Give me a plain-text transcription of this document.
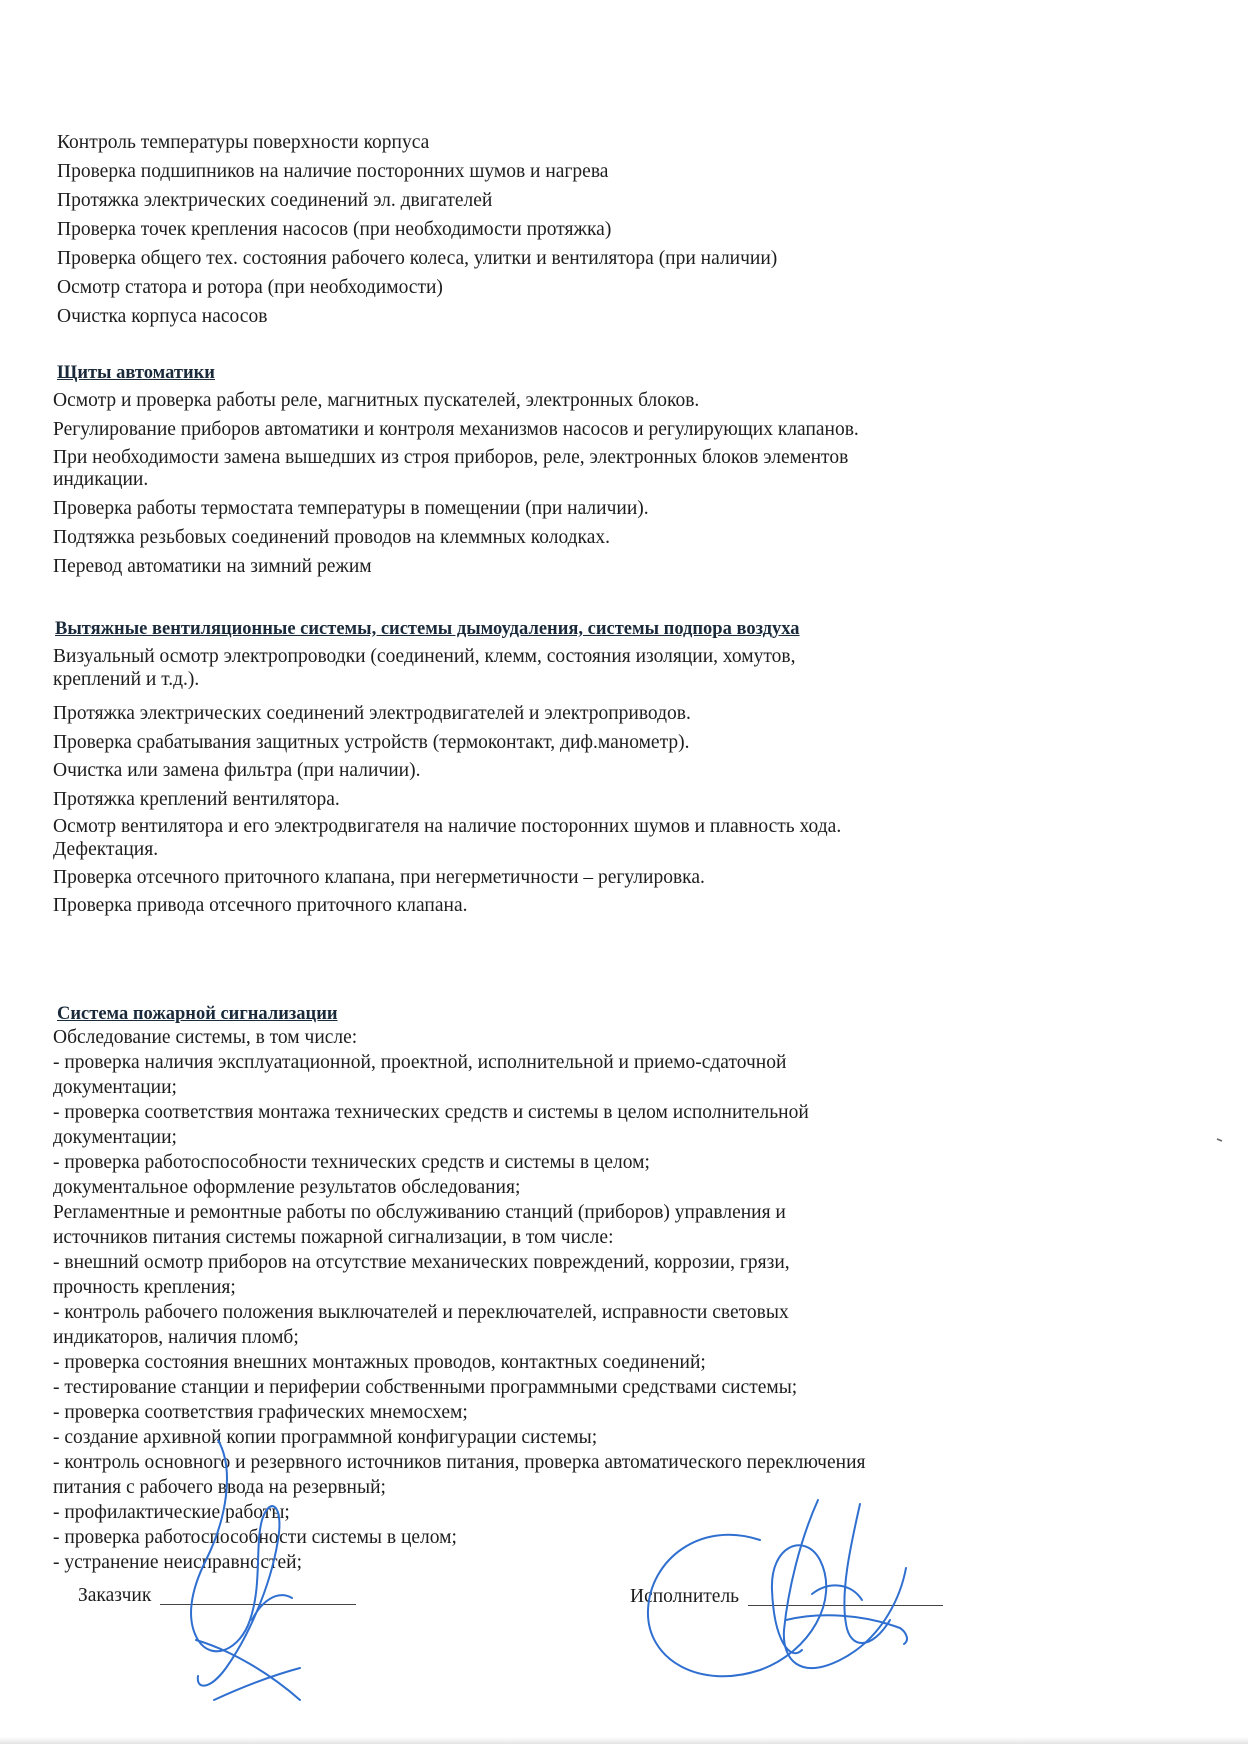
Контроль температуры поверхности корпуса

Проверка подшипников на наличие посторонних шумов и нагрева

Протяжка электрических соединений эл. двигателей

Проверка точек крепления насосов (при необходимости протяжка)

Проверка общего тех. состояния рабочего колеса, улитки и вентилятора (при наличии)

Осмотр статора и ротора (при необходимости)

Очистка корпуса насосов

Щиты автоматики

Осмотр и проверка работы реле, магнитных пускателей, электронных блоков.

Регулирование приборов автоматики и контроля механизмов насосов и регулирующих клапанов.

При необходимости замена вышедших из строя приборов, реле, электронных блоков элементов

индикации.

Проверка работы термостата температуры в помещении (при наличии).

Подтяжка резьбовых соединений проводов на клеммных колодках.

Перевод автоматики на зимний режим

Вытяжные вентиляционные системы, системы дымоудаления, системы подпора воздуха

Визуальный осмотр электропроводки (соединений, клемм, состояния изоляции, хомутов,

креплений и т.д.).

Протяжка электрических соединений электродвигателей и электроприводов.

Проверка срабатывания защитных устройств (термоконтакт, диф.манометр).

Очистка или замена фильтра (при наличии).

Протяжка креплений вентилятора.

Осмотр вентилятора и его электродвигателя на наличие посторонних шумов и плавность хода.

Дефектация.

Проверка отсечного приточного клапана, при негерметичности – регулировка.

Проверка привода отсечного приточного клапана.

Система пожарной сигнализации

Обследование системы, в том числе:

- проверка наличия эксплуатационной, проектной, исполнительной и приемо-сдаточной

документации;

- проверка соответствия монтажа технических средств и системы в целом исполнительной

документации;

- проверка работоспособности технических средств и системы в целом;

документальное оформление результатов обследования;

Регламентные и ремонтные работы по обслуживанию станций (приборов) управления и

источников питания системы пожарной сигнализации, в том числе:

- внешний осмотр приборов на отсутствие механических повреждений, коррозии, грязи,

прочность крепления;

- контроль рабочего положения выключателей и переключателей, исправности световых

индикаторов, наличия пломб;

- проверка состояния внешних монтажных проводов, контактных соединений;

- тестирование станции и периферии собственными программными средствами системы;

- проверка соответствия графических мнемосхем;

- создание архивной копии программной конфигурации системы;

- контроль основного и резервного источников питания, проверка автоматического переключения

питания с рабочего ввода на резервный;

- профилактические работы;

- проверка работоспособности системы в целом;

- устранение неисправностей;

Заказчик	Исполнитель
